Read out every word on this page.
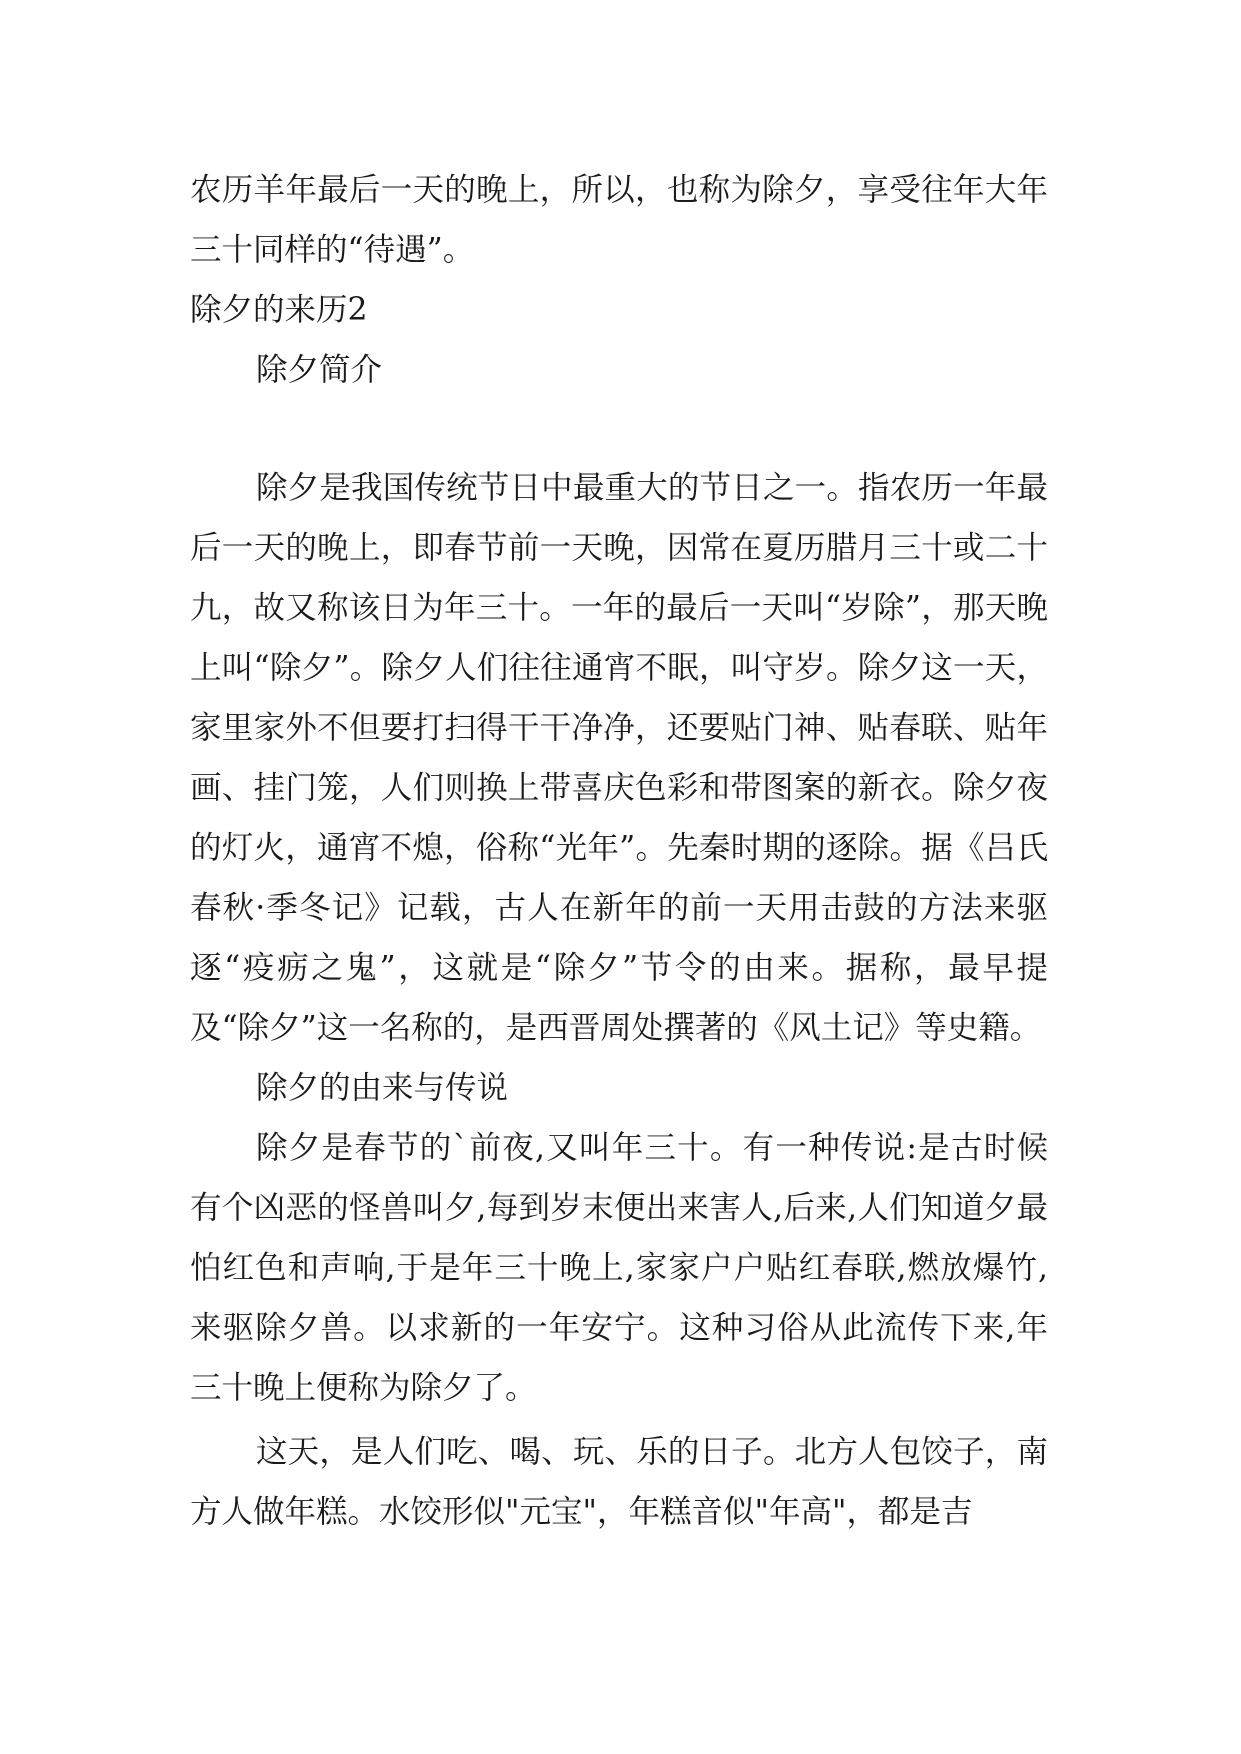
农历羊年最后一天的晚上，所以，也称为除夕，享受往年大年三十同样的“待遇”。

除夕的来历2

除夕简介

除夕是我国传统节日中最重大的节日之一。指农历一年最后一天的晚上，即春节前一天晚，因常在夏历腊月三十或二十九，故又称该日为年三十。一年的最后一天叫“岁除”，那天晚上叫“除夕”。除夕人们往往通宵不眠，叫守岁。除夕这一天，家里家外不但要打扫得干干净净，还要贴门神、贴春联、贴年画、挂门笼，人们则换上带喜庆色彩和带图案的新衣。除夕夜的灯火，通宵不熄，俗称“光年”。先秦时期的逐除。据《吕氏春秋·季冬记》记载，古人在新年的前一天用击鼓的方法来驱逐“疫疬之鬼”，这就是“除夕”节令的由来。据称，最早提及“除夕”这一名称的，是西晋周处撰著的《风土记》等史籍。

除夕的由来与传说

除夕是春节的`前夜,又叫年三十。有一种传说:是古时候有个凶恶的怪兽叫夕,每到岁末便出来害人,后来,人们知道夕最怕红色和声响,于是年三十晚上,家家户户贴红春联,燃放爆竹,来驱除夕兽。以求新的一年安宁。这种习俗从此流传下来,年三十晚上便称为除夕了。

这天，是人们吃、喝、玩、乐的日子。北方人包饺子，南方人做年糕。水饺形似"元宝"，年糕音似"年高"，都是吉
